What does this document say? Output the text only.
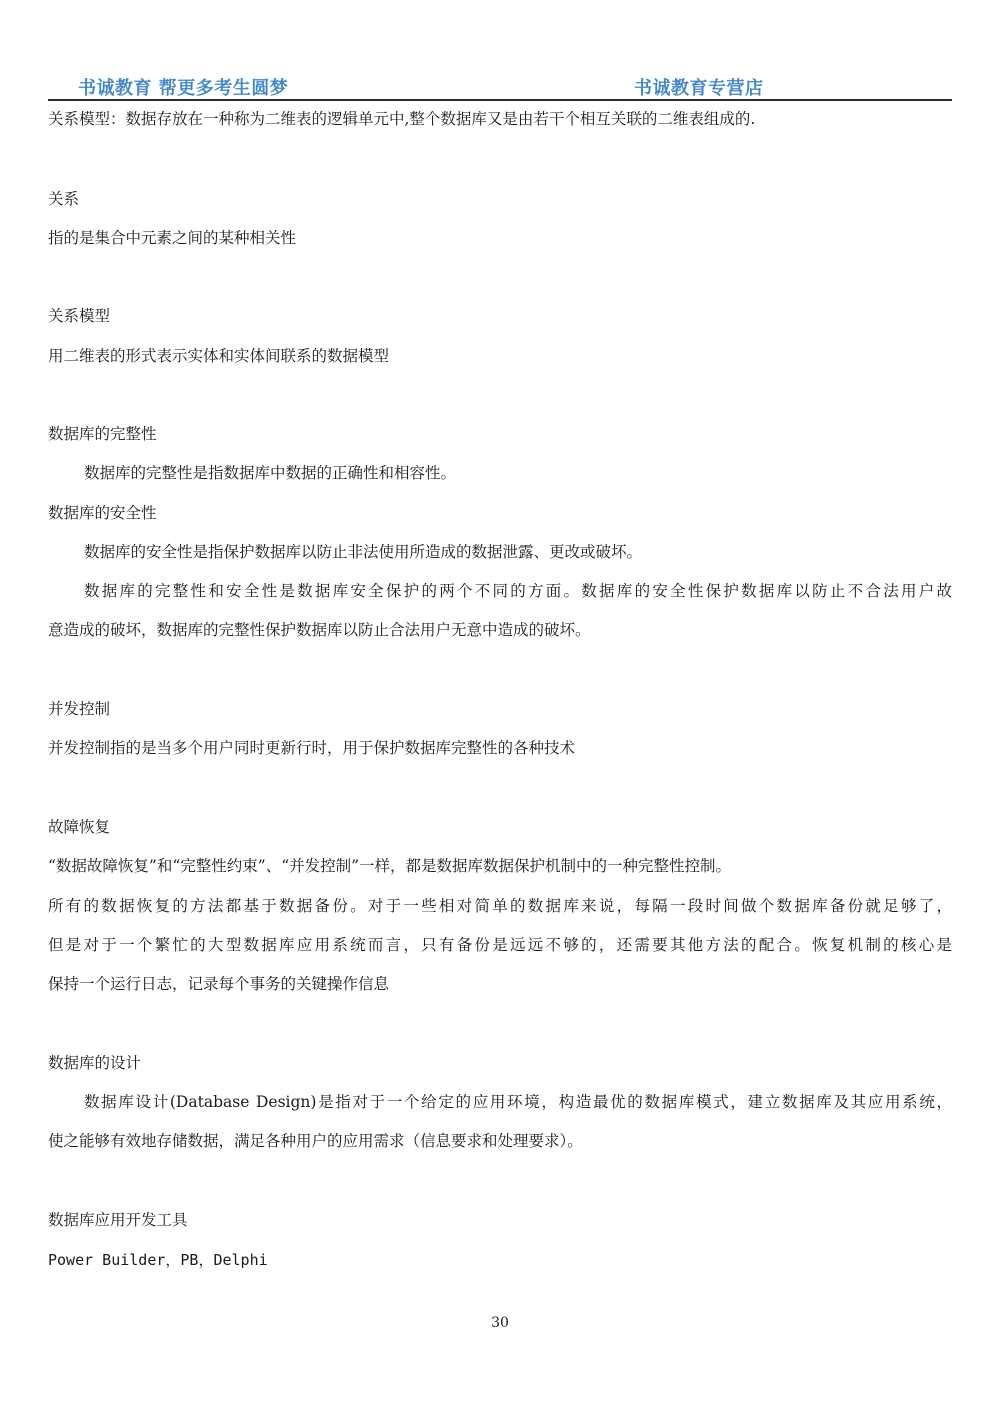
书诚教育 帮更多考生圆梦	书诚教育专营店
关系模型：数据存放在一种称为二维表的逻辑单元中,整个数据库又是由若干个相互关联的二维表组成的.
关系
指的是集合中元素之间的某种相关性
关系模型
用二维表的形式表示实体和实体间联系的数据模型
数据库的完整性
数据库的完整性是指数据库中数据的正确性和相容性。
数据库的安全性
数据库的安全性是指保护数据库以防止非法使用所造成的数据泄露、更改或破坏。
数据库的完整性和安全性是数据库安全保护的两个不同的方面。数据库的安全性保护数据库以防止不合法用户故
意造成的破坏，数据库的完整性保护数据库以防止合法用户无意中造成的破坏。
并发控制
并发控制指的是当多个用户同时更新行时，用于保护数据库完整性的各种技术
故障恢复
“数据故障恢复”和“完整性约束”、“并发控制”一样，都是数据库数据保护机制中的一种完整性控制。
所有的数据恢复的方法都基于数据备份。对于一些相对简单的数据库来说，每隔一段时间做个数据库备份就足够了，
但是对于一个繁忙的大型数据库应用系统而言，只有备份是远远不够的，还需要其他方法的配合。恢复机制的核心是
保持一个运行日志，记录每个事务的关键操作信息
数据库的设计
数据库设计(Database Design)是指对于一个给定的应用环境，构造最优的数据库模式，建立数据库及其应用系统，
使之能够有效地存储数据，满足各种用户的应用需求（信息要求和处理要求）。
数据库应用开发工具
Power Builder，PB，Delphi
30
